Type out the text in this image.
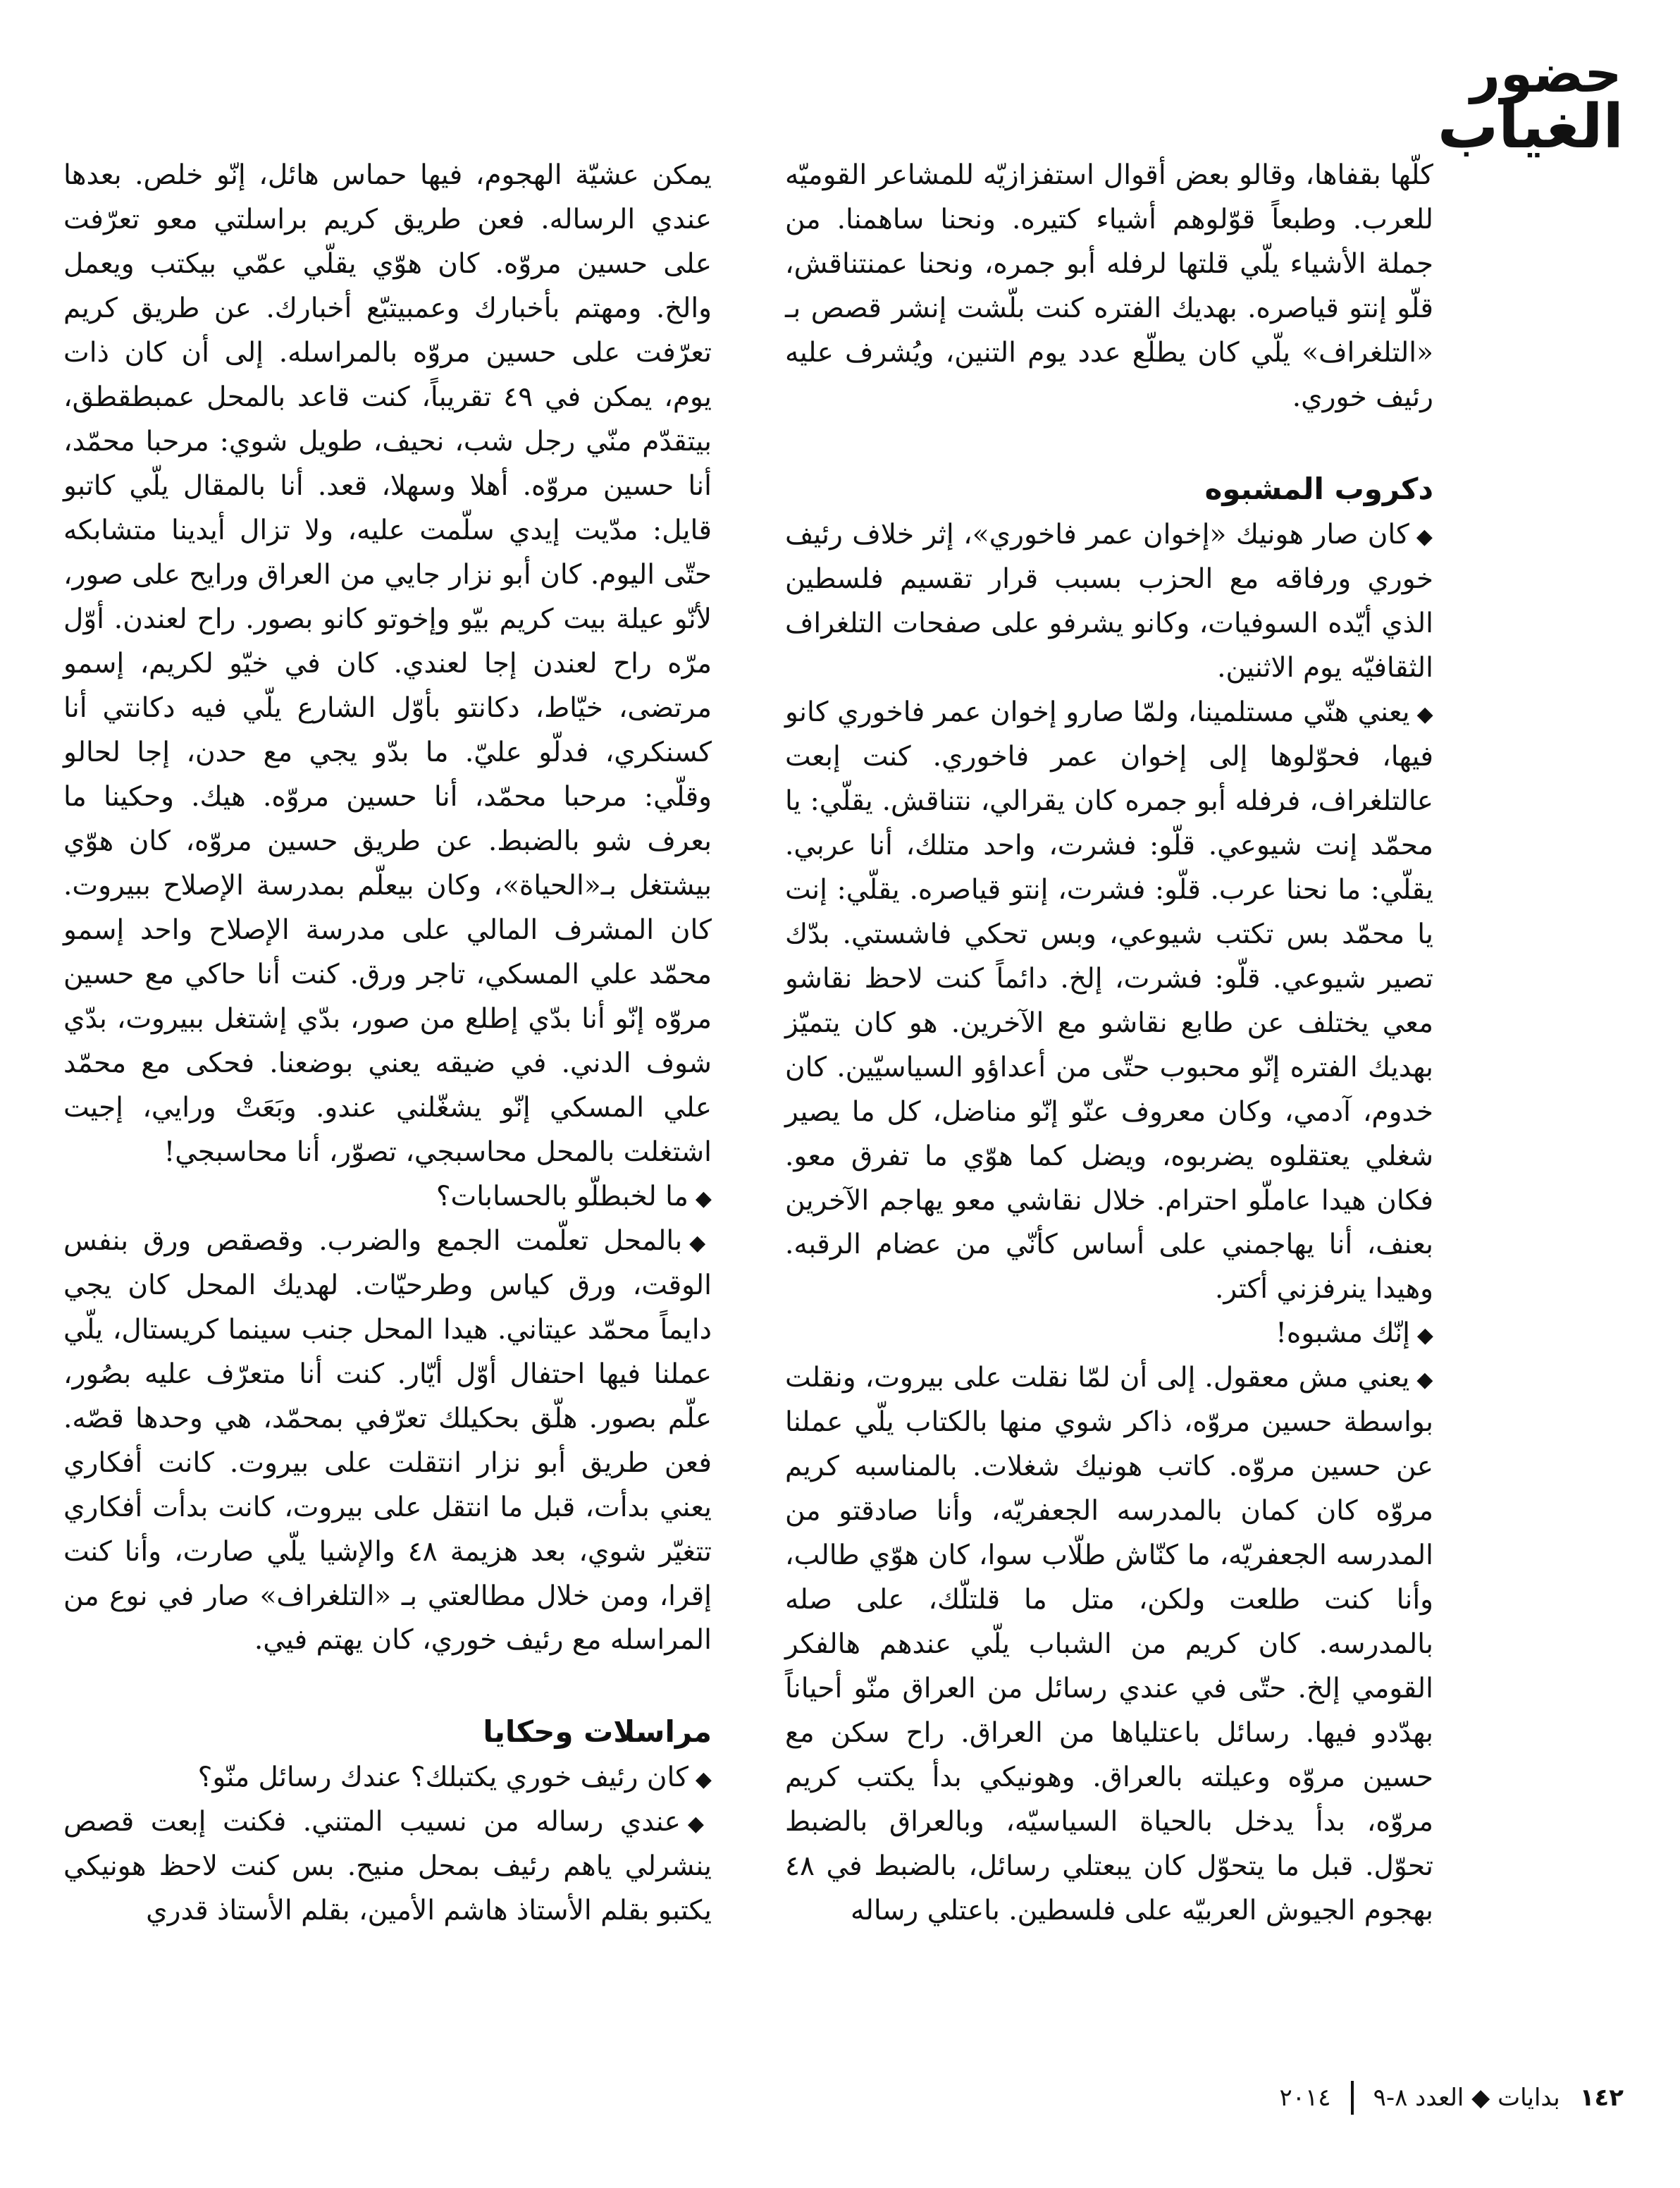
حضور
الغياب

كلّها بقفاها، وقالو بعض أقوال استفزازيّه للمشاعر القوميّه للعرب. وطبعاً قوّلوهم أشياء كتيره. ونحنا ساهمنا. من جملة الأشياء يلّي قلتها لرفله أبو جمره، ونحنا عمنتناقش، قلّو إنتو قياصره. بهديك الفتره كنت بلّشت إنشر قصص بـ «التلغراف» يلّي كان يطلّع عدد يوم التنين، ويُشرف عليه رئيف خوري.

دكروب المشبوه

◆كان صار هونيك «إخوان عمر فاخوري»، إثر خلاف رئيف خوري ورفاقه مع الحزب بسبب قرار تقسيم فلسطين الذي أيّده السوفيات، وكانو يشرفو على صفحات التلغراف الثقافيّه يوم الاثنين.

◆يعني هنّي مستلمينا، ولمّا صارو إخوان عمر فاخوري كانو فيها، فحوّلوها إلى إخوان عمر فاخوري. كنت إبعت عالتلغراف، فرفله أبو جمره كان يقرالي، نتناقش. يقلّي: يا محمّد إنت شيوعي. قلّو: فشرت، واحد متلك، أنا عربي. يقلّي: ما نحنا عرب. قلّو: فشرت، إنتو قياصره. يقلّي: إنت يا محمّد بس تكتب شيوعي، وبس تحكي فاشستي. بدّك تصير شيوعي. قلّو: فشرت، إلخ. دائماً كنت لاحظ نقاشو معي يختلف عن طابع نقاشو مع الآخرين. هو كان يتميّز بهديك الفتره إنّو محبوب حتّى من أعداؤو السياسيّين. كان خدوم، آدمي، وكان معروف عنّو إنّو مناضل، كل ما يصير شغلي يعتقلوه يضربوه، ويضل كما هوّي ما تفرق معو. فكان هيدا عاملّو احترام. خلال نقاشي معو يهاجم الآخرين بعنف، أنا يهاجمني على أساس كأنّي من عضام الرقبه. وهيدا ينرفزني أكتر.

◆إنّك مشبوه!

◆يعني مش معقول. إلى أن لمّا نقلت على بيروت، ونقلت بواسطة حسين مروّه، ذاكر شوي منها بالكتاب يلّي عملنا عن حسين مروّه. كاتب هونيك شغلات. بالمناسبه كريم مروّه كان كمان بالمدرسه الجعفريّه، وأنا صادقتو من المدرسه الجعفريّه، ما كنّاش طلّاب سوا، كان هوّي طالب، وأنا كنت طلعت ولكن، متل ما قلتلّك، على صله بالمدرسه. كان كريم من الشباب يلّي عندهم هالفكر القومي إلخ. حتّى في عندي رسائل من العراق منّو أحياناً بهدّدو فيها. رسائل باعتلياها من العراق. راح سكن مع حسين مروّه وعيلته بالعراق. وهونيكي بدأ يكتب كريم مروّه، بدأ يدخل بالحياة السياسيّه، وبالعراق بالضبط تحوّل. قبل ما يتحوّل كان يبعتلي رسائل، بالضبط في ٤٨ بهجوم الجيوش العربيّه على فلسطين. باعتلي رساله

يمكن عشيّة الهجوم، فيها حماس هائل، إنّو خلص. بعدها عندي الرساله. فعن طريق كريم براسلتي معو تعرّفت على حسين مروّه. كان هوّي يقلّي عمّي بيكتب ويعمل والخ. ومهتم بأخبارك وعمبيتبّع أخبارك. عن طريق كريم تعرّفت على حسين مروّه بالمراسله. إلى أن كان ذات يوم، يمكن في ٤٩ تقريباً، كنت قاعد بالمحل عمبطقطق، بيتقدّم منّي رجل شب، نحيف، طويل شوي: مرحبا محمّد، أنا حسين مروّه. أهلا وسهلا، قعد. أنا بالمقال يلّي كاتبو قايل: مدّيت إيدي سلّمت عليه، ولا تزال أيدينا متشابكه حتّى اليوم. كان أبو نزار جايي من العراق ورايح على صور، لأنّو عيلة بيت كريم بيّو وإخوتو كانو بصور. راح لعندن. أوّل مرّه راح لعندن إجا لعندي. كان في خيّو لكريم، إسمو مرتضى، خيّاط، دكانتو بأوّل الشارع يلّي فيه دكانتي أنا كسنكري، فدلّو عليّ. ما بدّو يجي مع حدن، إجا لحالو وقلّي: مرحبا محمّد، أنا حسين مروّه. هيك. وحكينا ما بعرف شو بالضبط. عن طريق حسين مروّه، كان هوّي بيشتغل بـ«الحياة»، وكان بيعلّم بمدرسة الإصلاح ببيروت. كان المشرف المالي على مدرسة الإصلاح واحد إسمو محمّد علي المسكي، تاجر ورق. كنت أنا حاكي مع حسين مروّه إنّو أنا بدّي إطلع من صور، بدّي إشتغل ببيروت، بدّي شوف الدني. في ضيقه يعني بوضعنا. فحكى مع محمّد علي المسكي إنّو يشغّلني عندو. وبَعَتْ ورايي، إجيت اشتغلت بالمحل محاسبجي، تصوّر، أنا محاسبجي!

◆ما لخبطلّو بالحسابات؟

◆بالمحل تعلّمت الجمع والضرب. وقصقص ورق بنفس الوقت، ورق كياس وطرحيّات. لهديك المحل كان يجي دايماً محمّد عيتاني. هيدا المحل جنب سينما كريستال، يلّي عملنا فيها احتفال أوّل أيّار. كنت أنا متعرّف عليه بصُور، علّم بصور. هلّق بحكيلك تعرّفي بمحمّد، هي وحدها قصّه. فعن طريق أبو نزار انتقلت على بيروت. كانت أفكاري يعني بدأت، قبل ما انتقل على بيروت، كانت بدأت أفكاري تتغيّر شوي، بعد هزيمة ٤٨ والإشيا يلّي صارت، وأنا كنت إقرا، ومن خلال مطالعتي بـ «التلغراف» صار في نوع من المراسله مع رئيف خوري، كان يهتم فيي.

مراسلات وحكايا

◆كان رئيف خوري يكتبلك؟ عندك رسائل منّو؟

◆عندي رساله من نسيب المتني. فكنت إبعت قصص ينشرلي ياهم رئيف بمحل منيح. بس كنت لاحظ هونيكي يكتبو بقلم الأستاذ هاشم الأمين، بقلم الأستاذ قدري

١٤٢
بدايات ◆ العدد ٨-٩
٢٠١٤
